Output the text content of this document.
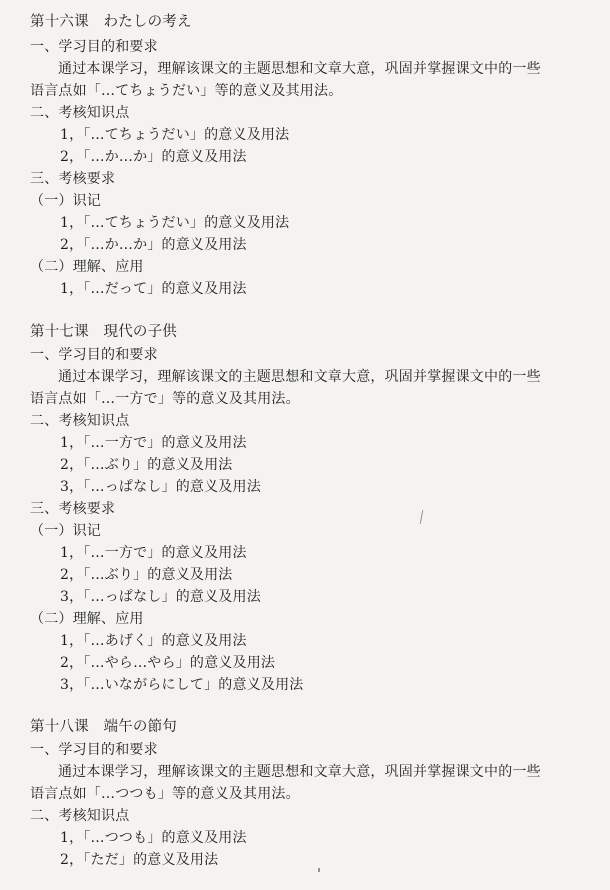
第十六课　わたしの考え
一、学习目的和要求
通过本课学习，理解该课文的主题思想和文章大意，巩固并掌握课文中的一些
语言点如「…てちょうだい」等的意义及其用法。
二、考核知识点
1，「…てちょうだい」的意义及用法
2，「…か…か」的意义及用法
三、考核要求
（一）识记
1，「…てちょうだい」的意义及用法
2，「…か…か」的意义及用法
（二）理解、应用
1，「…だって」的意义及用法
第十七课　現代の子供
一、学习目的和要求
通过本课学习，理解该课文的主题思想和文章大意，巩固并掌握课文中的一些
语言点如「…一方で」等的意义及其用法。
二、考核知识点
1，「…一方で」的意义及用法
2，「…ぶり」的意义及用法
3，「…っぱなし」的意义及用法
三、考核要求
（一）识记
1，「…一方で」的意义及用法
2，「…ぶり」的意义及用法
3，「…っぱなし」的意义及用法
（二）理解、应用
1，「…あげく」的意义及用法
2，「…やら…やら」的意义及用法
3，「…いながらにして」的意义及用法
第十八课　端午の節句
一、学习目的和要求
通过本课学习，理解该课文的主题思想和文章大意，巩固并掌握课文中的一些
语言点如「…つつも」等的意义及其用法。
二、考核知识点
1，「…つつも」的意义及用法
2，「ただ」的意义及用法
